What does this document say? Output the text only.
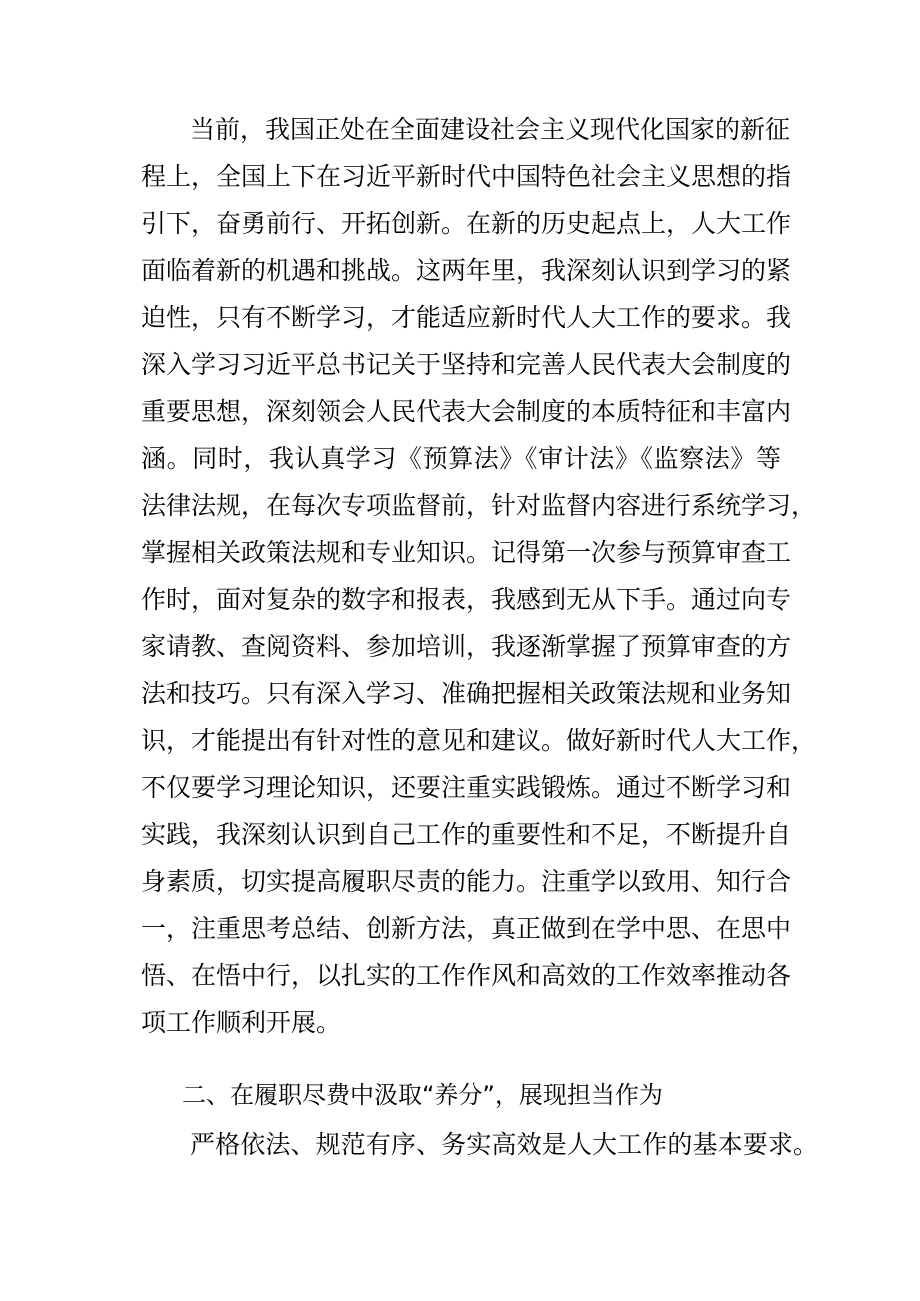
当前，我国正处在全面建设社会主义现代化国家的新征
程上，全国上下在习近平新时代中国特色社会主义思想的指
引下，奋勇前行、开拓创新。在新的历史起点上，人大工作
面临着新的机遇和挑战。这两年里，我深刻认识到学习的紧
迫性，只有不断学习，才能适应新时代人大工作的要求。我
深入学习习近平总书记关于坚持和完善人民代表大会制度的
重要思想，深刻领会人民代表大会制度的本质特征和丰富内
涵。同时，我认真学习《预算法》《审计法》《监察法》等
法律法规，在每次专项监督前，针对监督内容进行系统学习，
掌握相关政策法规和专业知识。记得第一次参与预算审查工
作时，面对复杂的数字和报表，我感到无从下手。通过向专
家请教、查阅资料、参加培训，我逐渐掌握了预算审查的方
法和技巧。只有深入学习、准确把握相关政策法规和业务知
识，才能提出有针对性的意见和建议。做好新时代人大工作，
不仅要学习理论知识，还要注重实践锻炼。通过不断学习和
实践，我深刻认识到自己工作的重要性和不足，不断提升自
身素质，切实提高履职尽责的能力。注重学以致用、知行合
一，注重思考总结、创新方法，真正做到在学中思、在思中
悟、在悟中行，以扎实的工作作风和高效的工作效率推动各
项工作顺利开展。
二、在履职尽费中汲取“养分”，展现担当作为
严格依法、规范有序、务实高效是人大工作的基本要求。
